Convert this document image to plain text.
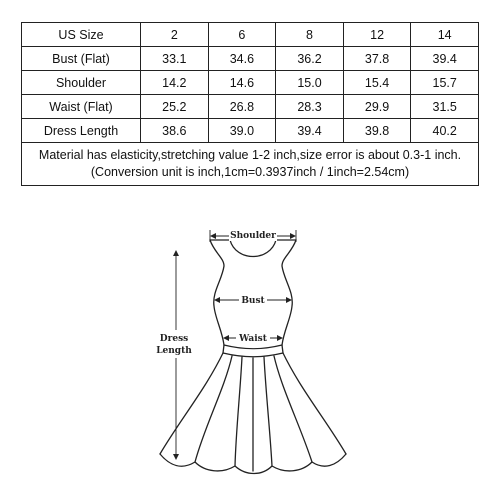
US Size	2	6	8	12	14
Bust (Flat)	33.1	34.6	36.2	37.8	39.4
Shoulder	14.2	14.6	15.0	15.4	15.7
Waist (Flat)	25.2	26.8	28.3	29.9	31.5
Dress Length	38.6	39.0	39.4	39.8	40.2

Material has elasticity,stretching value 1-2 inch,size error is about 0.3-1 inch.
(Conversion unit is inch,1cm=0.3937inch / 1inch=2.54cm)					
Shoulder
Bust
Waist
Dress
Length
